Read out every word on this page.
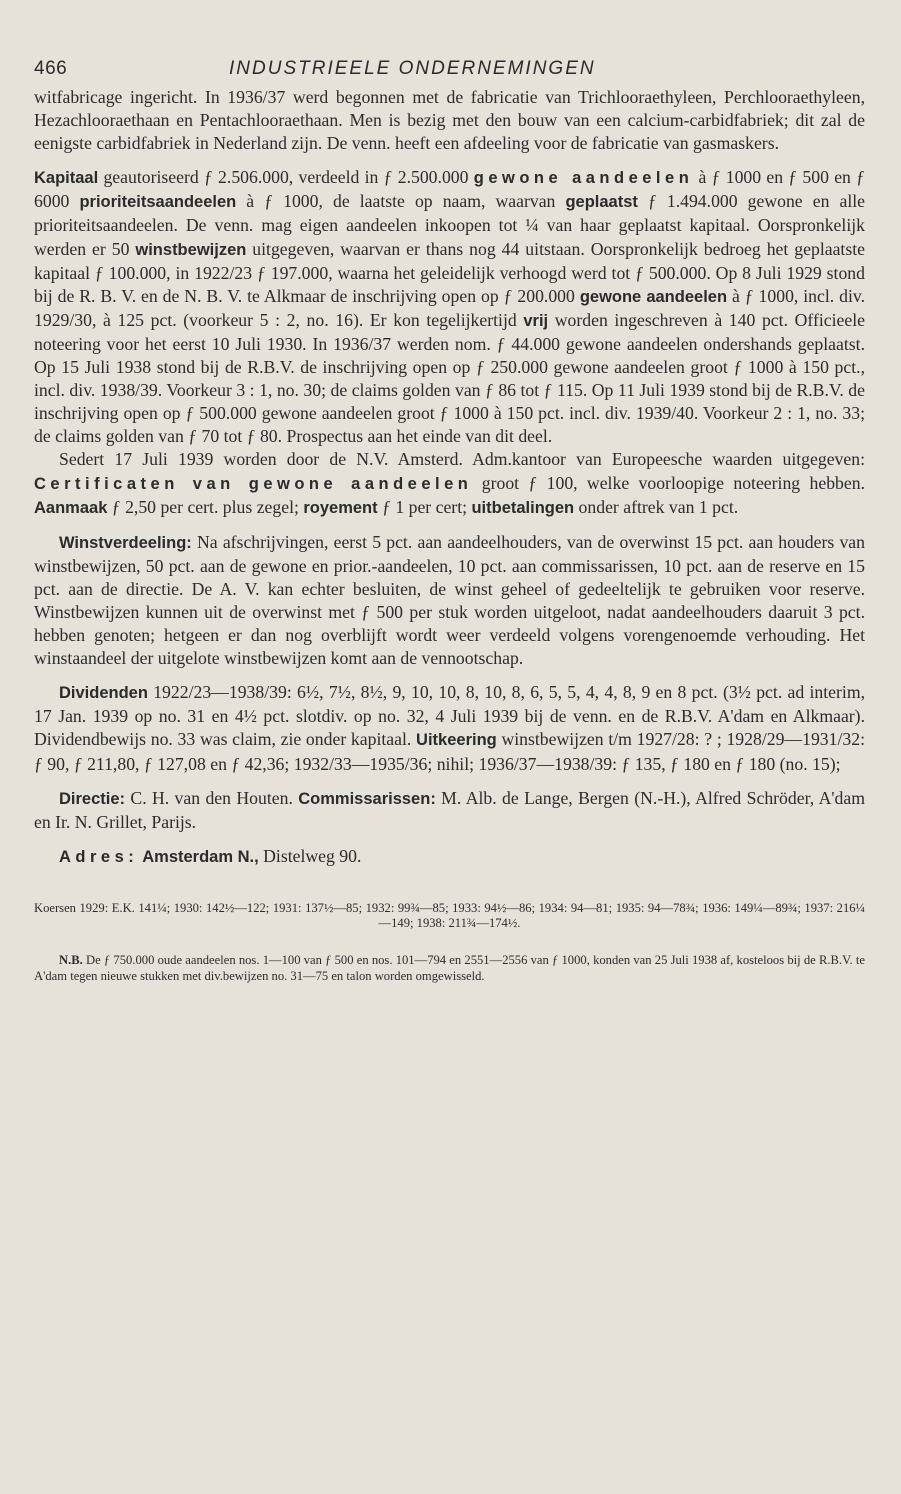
466	INDUSTRIEELE ONDERNEMINGEN

witfabricage ingericht. In 1936/37 werd begonnen met de fabricatie van Trichlooraethyleen, Perchlooraethyleen, Hezachlooraethaan en Pentachlooraethaan. Men is bezig met den bouw van een calcium-carbidfabriek; dit zal de eenigste carbidfabriek in Nederland zijn. De venn. heeft een afdeeling voor de fabricatie van gasmaskers.

Kapitaal geautoriseerd ƒ 2.506.000, verdeeld in ƒ 2.500.000 gewone aandeelen à ƒ 1000 en ƒ 500 en ƒ 6000 prioriteitsaandeelen à ƒ 1000, de laatste op naam, waarvan geplaatst ƒ 1.494.000 gewone en alle prioriteitsaandeelen. De venn. mag eigen aandeelen inkoopen tot ¼ van haar geplaatst kapitaal. Oorspronkelijk werden er 50 winstbewijzen uitgegeven, waarvan er thans nog 44 uitstaan. Oorspronkelijk bedroeg het geplaatste kapitaal ƒ 100.000, in 1922/23 ƒ 197.000, waarna het geleidelijk verhoogd werd tot ƒ 500.000. Op 8 Juli 1929 stond bij de R. B. V. en de N. B. V. te Alkmaar de inschrijving open op ƒ 200.000 gewone aandeelen à ƒ 1000, incl. div. 1929/30, à 125 pct. (voorkeur 5 : 2, no. 16). Er kon tegelijkertijd vrij worden ingeschreven à 140 pct. Officieele noteering voor het eerst 10 Juli 1930. In 1936/37 werden nom. ƒ 44.000 gewone aandeelen ondershands geplaatst. Op 15 Juli 1938 stond bij de R.B.V. de inschrijving open op ƒ 250.000 gewone aandeelen groot ƒ 1000 à 150 pct., incl. div. 1938/39. Voorkeur 3 : 1, no. 30; de claims golden van ƒ 86 tot ƒ 115. Op 11 Juli 1939 stond bij de R.B.V. de inschrijving open op ƒ 500.000 gewone aandeelen groot ƒ 1000 à 150 pct. incl. div. 1939/40. Voorkeur 2 : 1, no. 33; de claims golden van ƒ 70 tot ƒ 80. Prospectus aan het einde van dit deel.

Sedert 17 Juli 1939 worden door de N.V. Amsterd. Adm.kantoor van Europeesche waarden uitgegeven: Certificaten van gewone aandeelen groot ƒ 100, welke voorloopige noteering hebben. Aanmaak ƒ 2,50 per cert. plus zegel; royement ƒ 1 per cert; uitbetalingen onder aftrek van 1 pct.

Winstverdeeling: Na afschrijvingen, eerst 5 pct. aan aandeelhouders, van de overwinst 15 pct. aan houders van winstbewijzen, 50 pct. aan de gewone en prior.-aandeelen, 10 pct. aan commissarissen, 10 pct. aan de reserve en 15 pct. aan de directie. De A. V. kan echter besluiten, de winst geheel of gedeeltelijk te gebruiken voor reserve. Winstbewijzen kunnen uit de overwinst met ƒ 500 per stuk worden uitgeloot, nadat aandeelhouders daaruit 3 pct. hebben genoten; hetgeen er dan nog overblijft wordt weer verdeeld volgens vorengenoemde verhouding. Het winstaandeel der uitgelote winstbewijzen komt aan de vennootschap.

Dividenden 1922/23—1938/39: 6½, 7½, 8½, 9, 10, 10, 8, 10, 8, 6, 5, 5, 4, 4, 8, 9 en 8 pct. (3½ pct. ad interim, 17 Jan. 1939 op no. 31 en 4½ pct. slotdiv. op no. 32, 4 Juli 1939 bij de venn. en de R.B.V. A'dam en Alkmaar). Dividendbewijs no. 33 was claim, zie onder kapitaal. Uitkeering winstbewijzen t/m 1927/28: ? ; 1928/29—1931/32: ƒ 90, ƒ 211,80, ƒ 127,08 en ƒ 42,36; 1932/33—1935/36; nihil; 1936/37—1938/39: ƒ 135, ƒ 180 en ƒ 180 (no. 15);

Directie: C. H. van den Houten. Commissarissen: M. Alb. de Lange, Bergen (N.-H.), Alfred Schröder, A'dam en Ir. N. Grillet, Parijs.

Adres: Amsterdam N., Distelweg 90.

Koersen 1929: E.K. 141¼; 1930: 142½—122; 1931: 137½—85; 1932: 99¾—85; 1933: 94½—86; 1934: 94—81; 1935: 94—78¾; 1936: 149¼—89¾; 1937: 216¼—149; 1938: 211¾—174½.

N.B. De ƒ 750.000 oude aandeelen nos. 1—100 van ƒ 500 en nos. 101—794 en 2551—2556 van ƒ 1000, konden van 25 Juli 1938 af, kosteloos bij de R.B.V. te A'dam tegen nieuwe stukken met div.bewijzen no. 31—75 en talon worden omgewisseld.
